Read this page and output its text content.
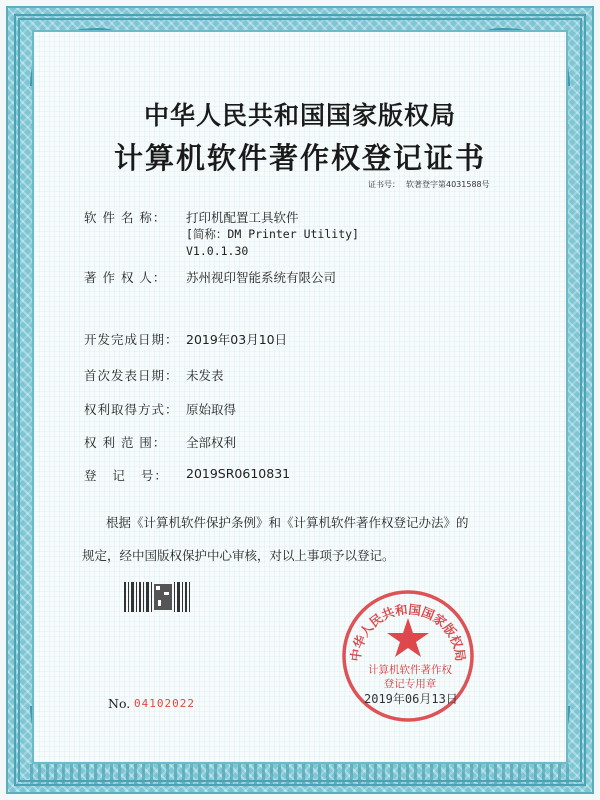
中华人民共和国国家版权局
计算机软件著作权登记证书
证书号： 软著登字第4031588号
软 件 名 称： 打印机配置工具软件
[简称：DM Printer Utility]
V1.0.1.30
著 作 权 人： 苏州视印智能系统有限公司
开发完成日期： 2019年03月10日
首次发表日期： 未发表
权利取得方式： 原始取得
权 利 范 围： 全部权利
登   记   号： 2019SR0610831
根据《计算机软件保护条例》和《计算机软件著作权登记办法》的
规定，经中国版权保护中心审核，对以上事项予以登记。
中华人民共和国国家版权局
计算机软件著作权
登记专用章
2019年06月13日
No. 04102022
